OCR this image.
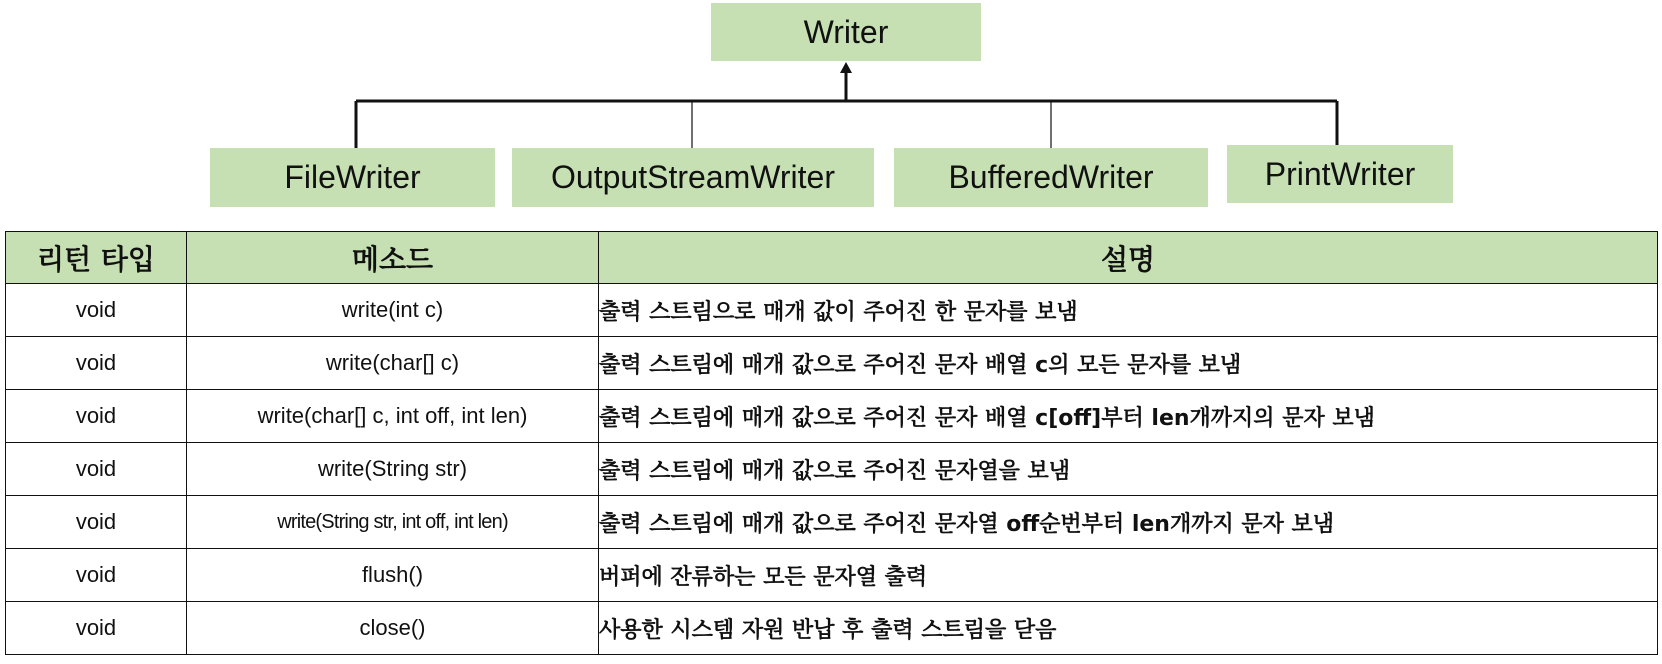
Writer
FileWriter	OutputStreamWriter	BufferedWriter	PrintWriter
리턴 타입	메소드	설명
void	write(int c)	출력 스트림으로 매개 값이 주어진 한 문자를 보냄
void	write(char[] c)	출력 스트림에 매개 값으로 주어진 문자 배열 c의 모든 문자를 보냄
void	write(char[] c, int off, int len)	출력 스트림에 매개 값으로 주어진 문자 배열 c[off]부터 len개까지의 문자 보냄
void	write(String str)	출력 스트림에 매개 값으로 주어진 문자열을 보냄
void	write(String str, int off, int len)	출력 스트림에 매개 값으로 주어진 문자열 off순번부터 len개까지 문자 보냄
void	flush()	버퍼에 잔류하는 모든 문자열 출력
void	close()	사용한 시스템 자원 반납 후 출력 스트림을 닫음
